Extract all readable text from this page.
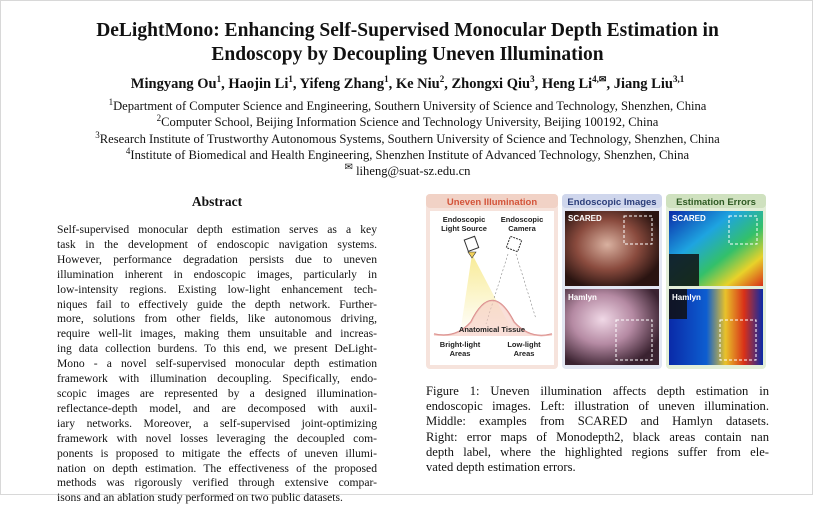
DeLightMono: Enhancing Self-Supervised Monocular Depth Estimation in
Endoscopy by Decoupling Uneven Illumination
Mingyang Ou$^1$, Haojin Li$^1$, Yifeng Zhang$^1$, Ke Niu$^2$, Zhongxi Qiu$^3$, Heng $Li^{4,✉}$, Jiang Liu$^{3,1}$
$^1$Department of Computer Science and Engineering, Southern University of Science and Technology, Shenzhen, China
$^2$Computer School, Beijing Information Science and Technology University, Beijing 100192, China
$^3$Research Institute of Trustworthy Autonomous Systems, Southern University of Science and Technology, Shenzhen, China
$^4$Institute of Biomedical and Health Engineering, Shenzhen Institute of Advanced Technology, Shenzhen, China
✉ liheng@suat-sz.edu.cn
Abstract
Self-supervised monocular depth estimation serves as a key
task in the development of endoscopic navigation systems.
However, performance degradation persists due to uneven
illumination inherent in endoscopic images, particularly in
low-intensity regions. Existing low-light enhancement tech-
niques fail to effectively guide the depth network. Further-
more, solutions from other fields, like autonomous driving,
require well-lit images, making them unsuitable and increas-
ing data collection burdens. To this end, we present DeLight-
Mono - a novel self-supervised monocular depth estimation
framework with illumination decoupling. Specifically, endo-
scopic images are represented by a designed illumination-
reflectance-depth model, and are decomposed with auxil-
iary networks. Moreover, a self-supervised joint-optimizing
framework with novel losses leveraging the decoupled com-
ponents is proposed to mitigate the effects of uneven illumi-
nation on depth estimation. The effectiveness of the proposed
methods was rigorously verified through extensive compar-
isons and an ablation study performed on two public datasets.
Uneven Illumination
Endoscopic Light Source
Endoscopic Camera
Anatomical Tissue
Bright-light Areas
Low-light Areas
Endoscopic Images
SCARED
Hamlyn
Estimation Errors
SCARED
Hamlyn
Figure 1: Uneven illumination affects depth estimation in
endoscopic images. Left: illustration of uneven illumination.
Middle: examples from SCARED and Hamlyn datasets.
Right: error maps of Monodepth2, black areas contain nan
depth label, where the highlighted regions suffer from ele-
vated depth estimation errors.
